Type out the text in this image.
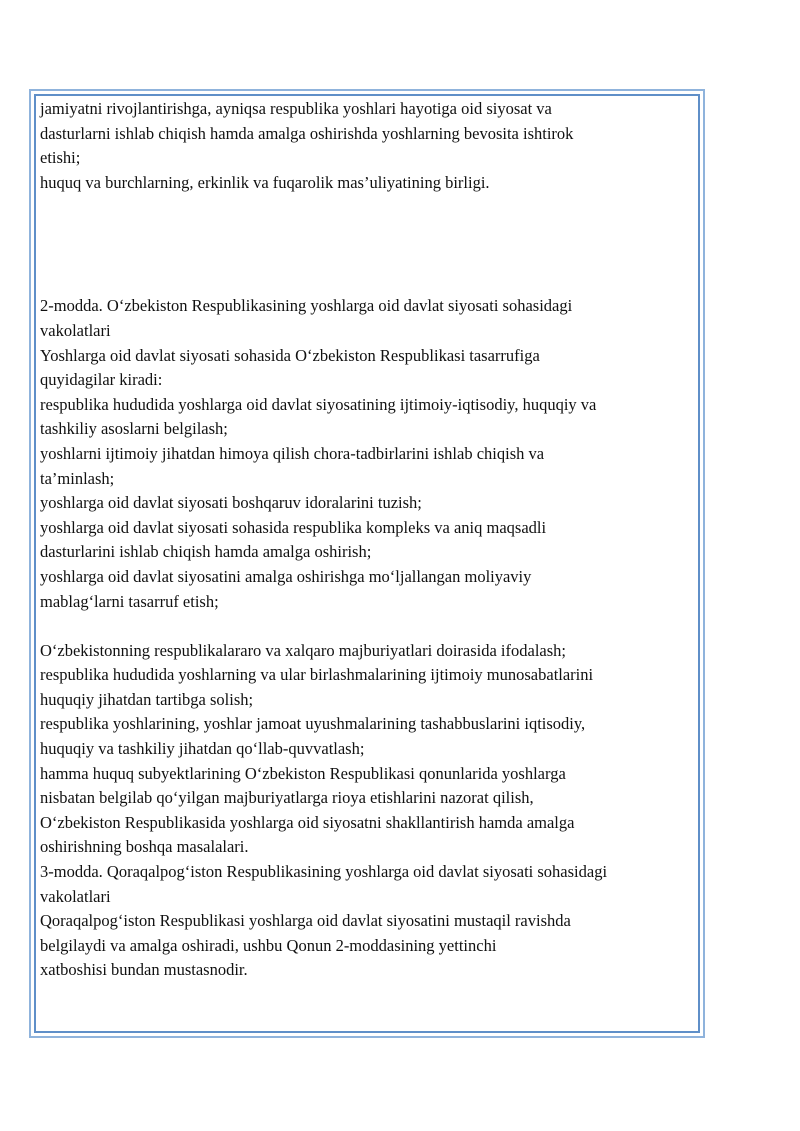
jamiyatni rivojlantirishga, ayniqsa respublika yoshlari hayotiga oid siyosat va
dasturlarni ishlab chiqish hamda amalga oshirishda yoshlarning bevosita ishtirok
etishi;

huquq va burchlarning, erkinlik va fuqarolik mas’uliyatining birligi.

2-modda. O‘zbekiston Respublikasining yoshlarga oid davlat siyosati sohasidagi
vakolatlari

Yoshlarga oid davlat siyosati sohasida O‘zbekiston Respublikasi tasarrufiga
quyidagilar kiradi:

respublika hududida yoshlarga oid davlat siyosatining ijtimoiy-iqtisodiy, huquqiy va
tashkiliy asoslarni belgilash;

yoshlarni ijtimoiy jihatdan himoya qilish chora-tadbirlarini ishlab chiqish va
ta’minlash;

yoshlarga oid davlat siyosati boshqaruv idoralarini tuzish;

yoshlarga oid davlat siyosati sohasida respublika kompleks va aniq maqsadli
dasturlarini ishlab chiqish hamda amalga oshirish;

yoshlarga oid davlat siyosatini amalga oshirishga mo‘ljallangan moliyaviy
mablag‘larni tasarruf etish;

O‘zbekistonning respublikalararo va xalqaro majburiyatlari doirasida ifodalash;

respublika hududida yoshlarning va ular birlashmalarining ijtimoiy munosabatlarini
huquqiy jihatdan tartibga solish;

respublika yoshlarining, yoshlar jamoat uyushmalarining tashabbuslarini iqtisodiy,
huquqiy va tashkiliy jihatdan qo‘llab-quvvatlash;

hamma huquq subyektlarining O‘zbekiston Respublikasi qonunlarida yoshlarga
nisbatan belgilab qo‘yilgan majburiyatlarga rioya etishlarini nazorat qilish,

O‘zbekiston Respublikasida yoshlarga oid siyosatni shakllantirish hamda amalga
oshirishning boshqa masalalari.

3-modda. Qoraqalpog‘iston Respublikasining yoshlarga oid davlat siyosati sohasidagi
vakolatlari

Qoraqalpog‘iston Respublikasi yoshlarga oid davlat siyosatini mustaqil ravishda
belgilaydi va amalga oshiradi, ushbu Qonun 2-moddasining yettinchi
xatboshisi bundan mustasnodir.
